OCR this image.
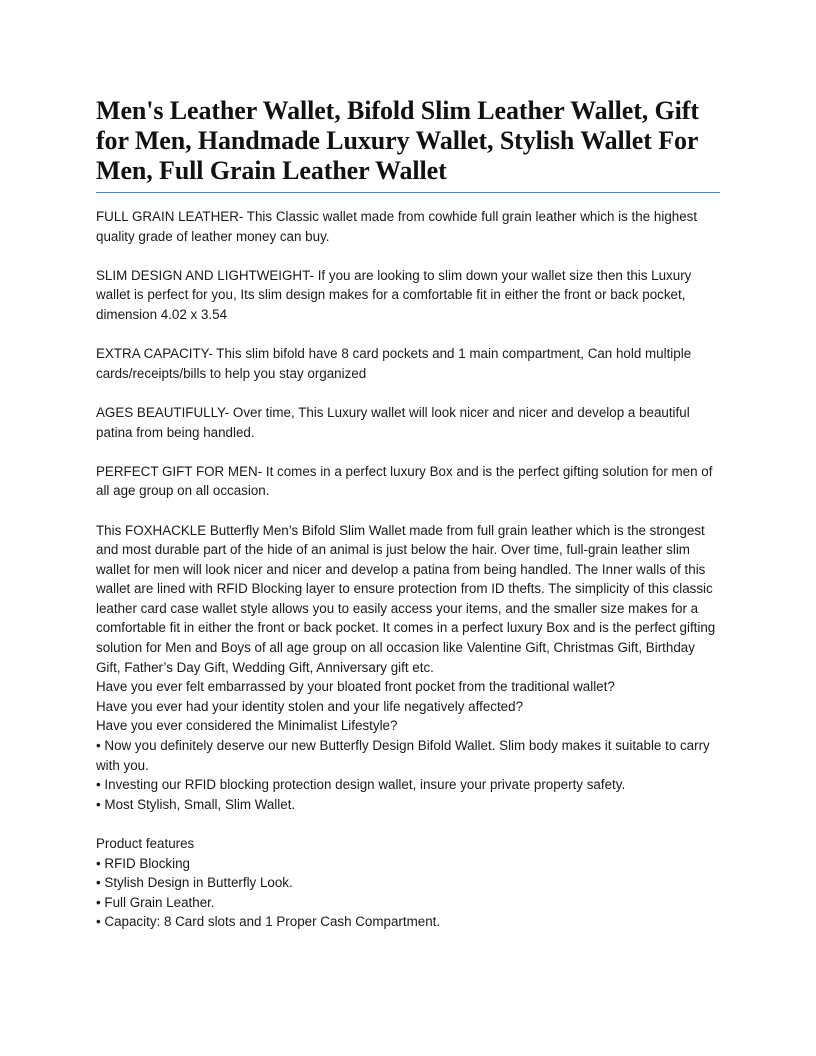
Men's Leather Wallet, Bifold Slim Leather Wallet, Gift for Men, Handmade Luxury Wallet, Stylish Wallet For Men, Full Grain Leather Wallet

FULL GRAIN LEATHER- This Classic wallet made from cowhide full grain leather which is the highest quality grade of leather money can buy.

SLIM DESIGN AND LIGHTWEIGHT- If you are looking to slim down your wallet size then this Luxury wallet is perfect for you, Its slim design makes for a comfortable fit in either the front or back pocket, dimension 4.02 x 3.54

EXTRA CAPACITY- This slim bifold have 8 card pockets and 1 main compartment, Can hold multiple cards/receipts/bills to help you stay organized

AGES BEAUTIFULLY- Over time, This Luxury wallet will look nicer and nicer and develop a beautiful patina from being handled.

PERFECT GIFT FOR MEN- It comes in a perfect luxury Box and is the perfect gifting solution for men of all age group on all occasion.

This FOXHACKLE Butterfly Men’s Bifold Slim Wallet made from full grain leather which is the strongest and most durable part of the hide of an animal is just below the hair. Over time, full-grain leather slim wallet for men will look nicer and nicer and develop a patina from being handled. The Inner walls of this wallet are lined with RFID Blocking layer to ensure protection from ID thefts. The simplicity of this classic leather card case wallet style allows you to easily access your items, and the smaller size makes for a comfortable fit in either the front or back pocket. It comes in a perfect luxury Box and is the perfect gifting solution for Men and Boys of all age group on all occasion like Valentine Gift, Christmas Gift, Birthday Gift, Father’s Day Gift, Wedding Gift, Anniversary gift etc.

Have you ever felt embarrassed by your bloated front pocket from the traditional wallet?

Have you ever had your identity stolen and your life negatively affected?

Have you ever considered the Minimalist Lifestyle?

• Now you definitely deserve our new Butterfly Design Bifold Wallet. Slim body makes it suitable to carry with you.
• Investing our RFID blocking protection design wallet, insure your private property safety.
• Most Stylish, Small, Slim Wallet.

Product features

• RFID Blocking
• Stylish Design in Butterfly Look.
• Full Grain Leather.
• Capacity: 8 Card slots and 1 Proper Cash Compartment.
